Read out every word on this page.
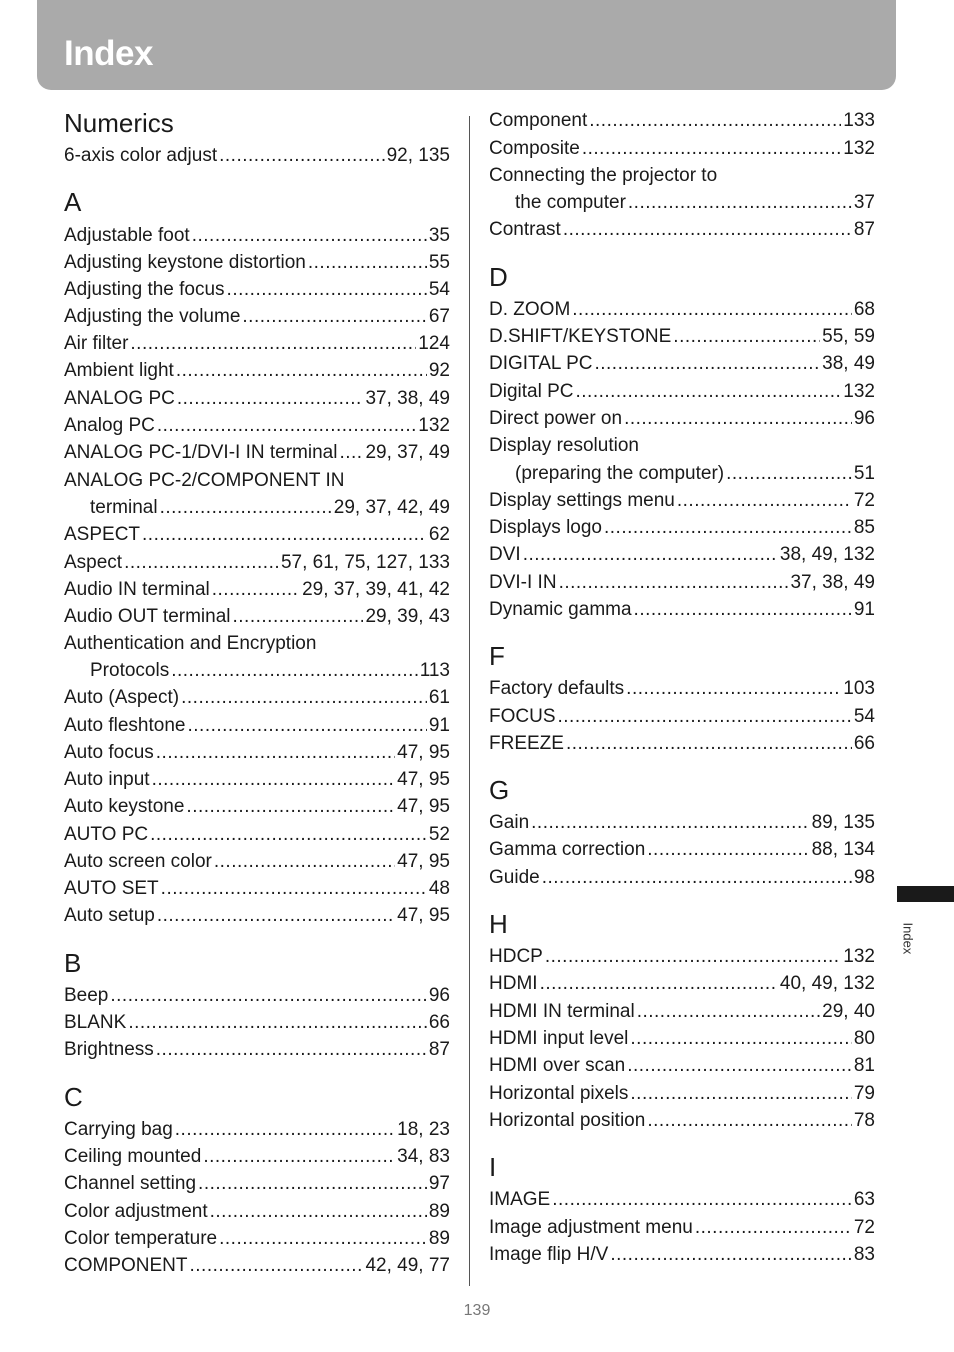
Index
Numerics
6-axis color adjust .....	92, 135
A
Adjustable foot .....	35
Adjusting keystone distortion .....	55
Adjusting the focus .....	54
Adjusting the volume .....	67
Air filter .....	124
Ambient light .....	92
ANALOG PC .....	37, 38, 49
Analog PC .....	132
ANALOG PC-1/DVI-I IN terminal ..... 29, 37, 49
ANALOG PC-2/COMPONENT IN
terminal .....	29, 37, 42, 49
ASPECT .....	62
Aspect .....	57, 61, 75, 127, 133
Audio IN terminal .....	29, 37, 39, 41, 42
Audio OUT terminal .....	29, 39, 43
Authentication and Encryption
Protocols .....	113
Auto (Aspect) .....	61
Auto fleshtone .....	91
Auto focus .....	47, 95
Auto input .....	47, 95
Auto keystone .....	47, 95
AUTO PC .....	52
Auto screen color .....	47, 95
AUTO SET .....	48
Auto setup .....	47, 95
B
Beep .....	96
BLANK .....	66
Brightness .....	87
C
Carrying bag .....	18, 23
Ceiling mounted .....	34, 83
Channel setting .....	97
Color adjustment .....	89
Color temperature .....	89
COMPONENT .....	42, 49, 77
Component .....	133
Composite .....	132
Connecting the projector to
the computer .....	37
Contrast .....	87
D
D. ZOOM .....	68
D.SHIFT/KEYSTONE .....	55, 59
DIGITAL PC .....	38, 49
Digital PC .....	132
Direct power on .....	96
Display resolution
(preparing the computer) .....	51
Display settings menu .....	72
Displays logo .....	85
DVI .....	38, 49, 132
DVI-I IN .....	37, 38, 49
Dynamic gamma .....	91
F
Factory defaults .....	103
FOCUS .....	54
FREEZE .....	66
G
Gain .....	89, 135
Gamma correction .....	88, 134
Guide .....	98
H
HDCP .....	132
HDMI .....	40, 49, 132
HDMI IN terminal .....	29, 40
HDMI input level .....	80
HDMI over scan .....	81
Horizontal pixels .....	79
Horizontal position .....	78
I
IMAGE .....	63
Image adjustment menu .....	72
Image flip H/V .....	83
Index
139
